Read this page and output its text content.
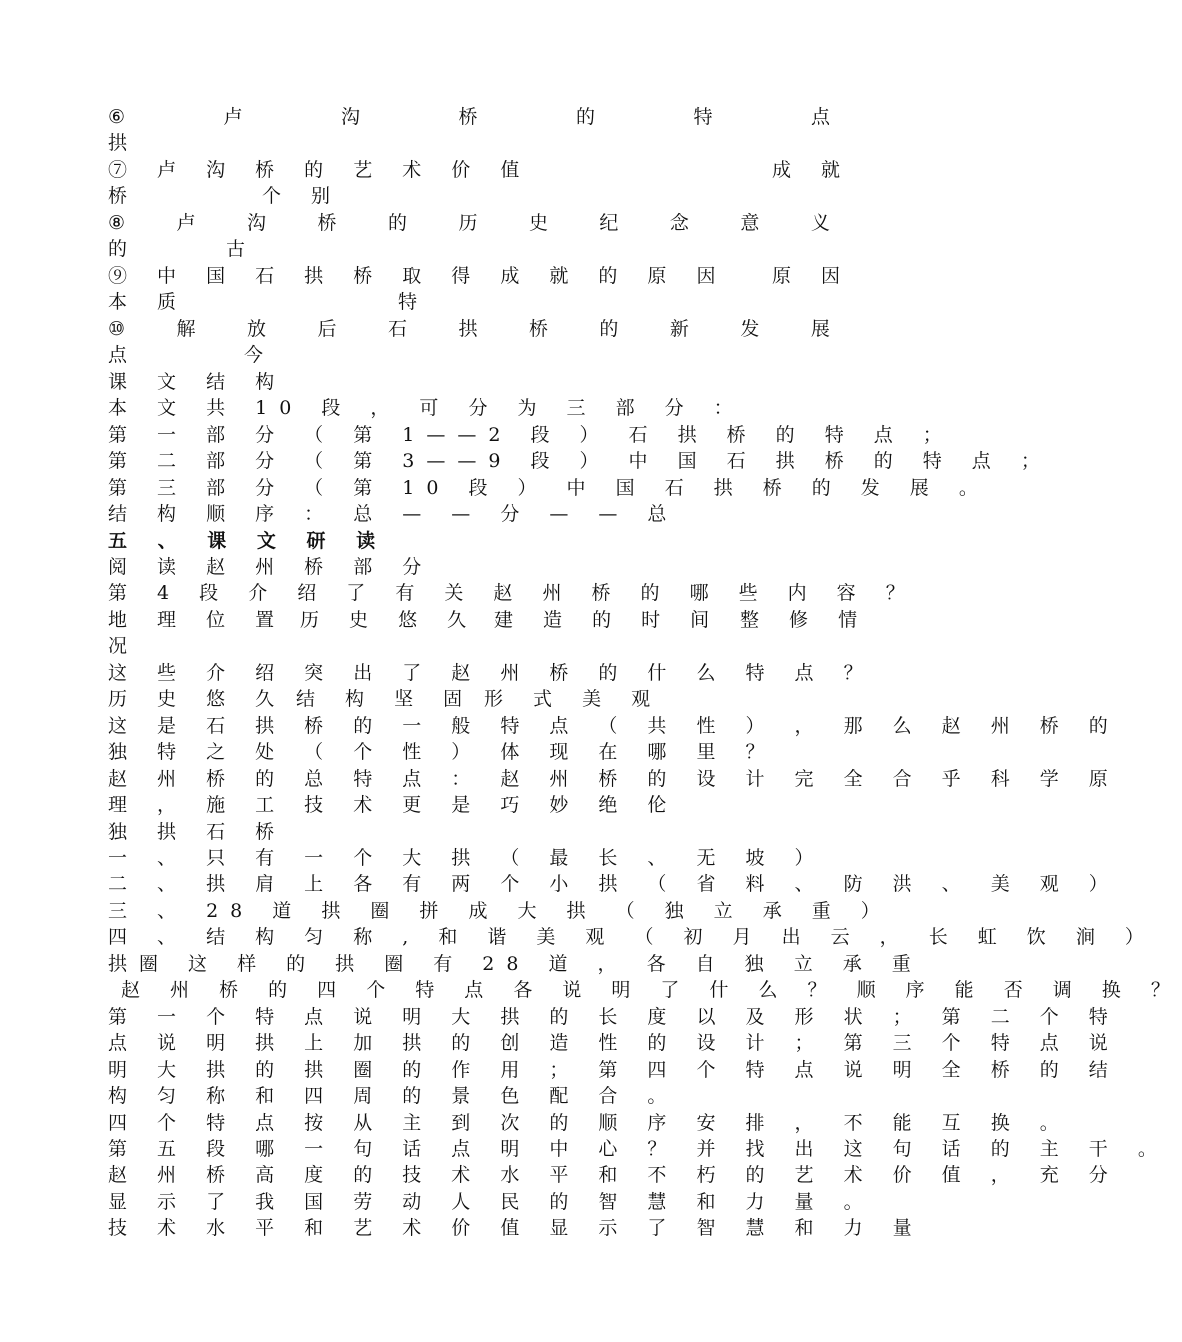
⑥	卢	沟	桥	的	特	点
拱
⑦ 卢 沟 桥 的 艺 术 价 值	成 就
桥	个 别
⑧	卢	沟	桥	的	历	史	纪	念	意	义
的	古
⑨ 中 国 石 拱 桥 取 得 成 就 的 原 因 原 因
本 质	特
⑩	解	放	后	石	拱	桥	的	新	发	展
点	今
课 文 结 构
本 文 共 10 段 ， 可 分 为 三 部 分 ：
第 一 部 分 （ 第 1——2 段 ） 石 拱 桥 的 特 点 ；
第 二 部 分 （ 第 3——9 段 ） 中 国 石 拱 桥 的 特 点 ；
第 三 部 分 （ 第 10 段 ） 中 国 石 拱 桥 的 发 展 。
结 构 顺 序 ： 总 — — 分 — — 总
五 、 课 文 研 读
阅 读 赵 州 桥 部 分
第 4 段 介 绍 了 有 关 赵 州 桥 的 哪 些 内 容 ？
地 理 位 置 历 史 悠 久 建 造 的 时 间 整 修 情
况
这 些 介 绍 突 出 了 赵 州 桥 的 什 么 特 点 ？
历 史 悠 久 结 构 坚 固 形 式 美 观
这 是 石 拱 桥 的 一 般 特 点 （ 共 性 ） ， 那 么 赵 州 桥 的
独 特 之 处 （ 个 性 ） 体 现 在 哪 里 ？
赵 州 桥 的 总 特 点 ： 赵 州 桥 的 设 计 完 全 合 乎 科 学 原
理 ， 施 工 技 术 更 是 巧 妙 绝 伦
独 拱 石 桥
一 、 只 有 一 个 大 拱 （ 最 长 、 无 坡 ）
二 、 拱 肩 上 各 有 两 个 小 拱 （ 省 料 、 防 洪 、 美 观 ）
三 、 28 道 拱 圈 拼 成 大 拱 （ 独 立 承 重 ）
四 、 结 构 匀 称 , 和 谐 美 观 （ 初 月 出 云 ， 长 虹 饮 涧 ）
拱圈 这 样 的 拱 圈 有 28 道 ， 各 自 独 立 承 重
赵 州 桥 的 四 个 特 点 各 说 明 了 什 么 ？ 顺 序 能 否 调 换 ？
第 一 个 特 点 说 明 大 拱 的 长 度 以 及 形 状 ； 第 二 个 特
点 说 明 拱 上 加 拱 的 创 造 性 的 设 计 ； 第 三 个 特 点 说
明 大 拱 的 拱 圈 的 作 用 ； 第 四 个 特 点 说 明 全 桥 的 结
构 匀 称 和 四 周 的 景 色 配 合 。
四 个 特 点 按 从 主 到 次 的 顺 序 安 排 ， 不 能 互 换 。
第 五 段 哪 一 句 话 点 明 中 心 ？ 并 找 出 这 句 话 的 主 干 。
赵 州 桥 高 度 的 技 术 水 平 和 不 朽 的 艺 术 价 值 ， 充 分
显 示 了 我 国 劳 动 人 民 的 智 慧 和 力 量 。
技 术 水 平 和 艺 术 价 值 显 示 了 智 慧 和 力 量
